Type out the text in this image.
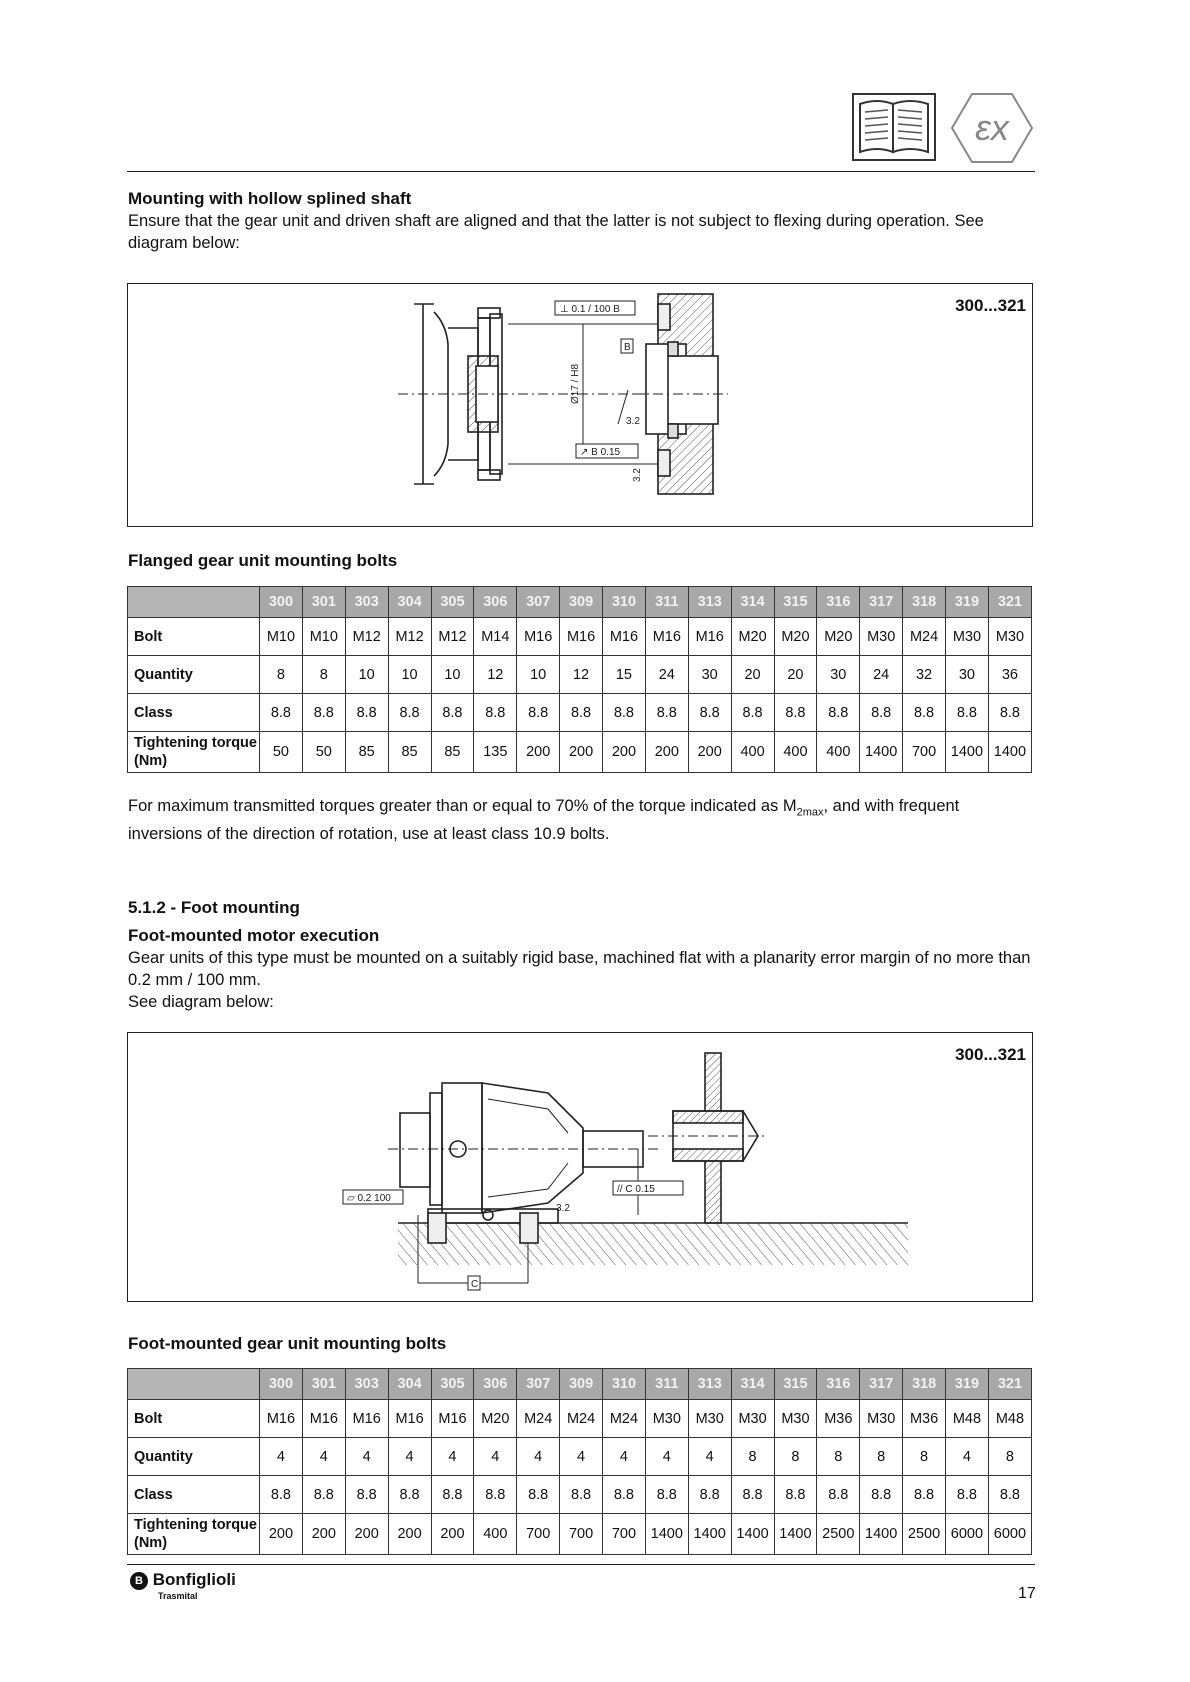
εx
Mounting with hollow splined shaft
Ensure that the gear unit and driven shaft are aligned and that the latter is not subject to flexing during operation. See diagram below:
300...321
⊥ 0.1 / 100 B
B
Ø17 / H8
3.2
↗ B 0.15
3.2
Flanged gear unit mounting bolts
	300	301	303	304	305	306	307	309	310	311	313	314	315	316	317	318	319	321
Bolt	M10	M10	M12	M12	M12	M14	M16	M16	M16	M16	M16	M20	M20	M20	M30	M24	M30	M30
Quantity	8	8	10	10	10	12	10	12	15	24	30	20	20	30	24	32	30	36
Class	8.8	8.8	8.8	8.8	8.8	8.8	8.8	8.8	8.8	8.8	8.8	8.8	8.8	8.8	8.8	8.8	8.8	8.8
Tightening torque (Nm)	50	50	85	85	85	135	200	200	200	200	200	400	400	400	1400	700	1400	1400
For maximum transmitted torques greater than or equal to 70% of the torque indicated as $M_{2max}$, and with frequent inversions of the direction of rotation, use at least class 10.9 bolts.
5.1.2 - Foot mounting
Foot-mounted motor execution
Gear units of this type must be mounted on a suitably rigid base, machined flat with a planarity error margin of no more than 0.2 mm / 100 mm.
See diagram below:
300...321
▱ 0.2 100
// C 0.15
3.2
C
Foot-mounted gear unit mounting bolts
	300	301	303	304	305	306	307	309	310	311	313	314	315	316	317	318	319	321
Bolt	M16	M16	M16	M16	M16	M20	M24	M24	M24	M30	M30	M30	M30	M36	M30	M36	M48	M48
Quantity	4	4	4	4	4	4	4	4	4	4	4	8	8	8	8	8	4	8
Class	8.8	8.8	8.8	8.8	8.8	8.8	8.8	8.8	8.8	8.8	8.8	8.8	8.8	8.8	8.8	8.8	8.8	8.8
Tightening torque (Nm)	200	200	200	200	200	400	700	700	700	1400	1400	1400	1400	2500	1400	2500	6000	6000
B Bonfiglioli
Trasmital	17
